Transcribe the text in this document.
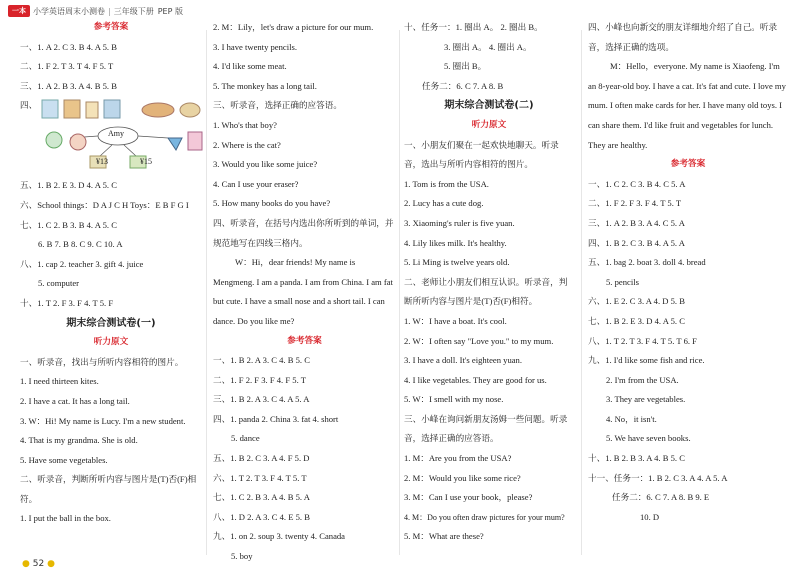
一本 小学英语周末小测卷 | 三年级下册 PEP 版
参考答案
一、1. A 2. C 3. B 4. A 5. B
二、1. F 2. T 3. T 4. F 5. T
三、1. A 2. B 3. A 4. B 5. B
四、
Amy
¥13	¥15
五、1. B 2. E 3. D 4. A 5. C
六、School things：D A J C H Toys：E B F G I
七、1. C 2. B 3. B 4. A 5. C
6. B 7. B 8. C 9. C 10. A
八、1. cap 2. teacher 3. gift 4. juice
5. computer
十、1. T 2. F 3. F 4. T 5. F
期末综合测试卷(一)
听力原文
一、听录音，找出与所听内容相符的图片。
1. I need thirteen kites.
2. I have a cat. It has a long tail.
3. W：Hi! My name is Lucy. I'm a new student.
4. That is my grandma. She is old.
5. Have some vegetables.
二、听录音，判断所听内容与图片是(T)否(F)相符。
1. I put the ball in the box.
2. M：Lily，let's draw a picture for our mum.
3. I have twenty pencils.
4. I'd like some meat.
5. The monkey has a long tail.
三、听录音，选择正确的应答语。
1. Who's that boy?
2. Where is the cat?
3. Would you like some juice?
4. Can I use your eraser?
5. How many books do you have?
四、听录音，在括号内选出你所听到的单词，并规范地写在四线三格内。
W：Hi，dear friends! My name is Mengmeng. I am a panda. I am from China. I am fat but cute. I have a small nose and a short tail. I can dance. Do you like me?
参考答案
一、1. B 2. A 3. C 4. B 5. C
二、1. F 2. F 3. F 4. F 5. T
三、1. B 2. A 3. C 4. A 5. A
四、1. panda 2. China 3. fat 4. short
5. dance
五、1. B 2. C 3. A 4. F 5. D
六、1. T 2. T 3. F 4. T 5. T
七、1. C 2. B 3. A 4. B 5. A
八、1. D 2. A 3. C 4. E 5. B
九、1. on 2. soup 3. twenty 4. Canada
5. boy
十、任务一：1. 圈出 A。 2. 圈出 B。
3. 圈出 A。 4. 圈出 A。
5. 圈出 B。
任务二：6. C 7. A 8. B
期末综合测试卷(二)
听力原文
一、小朋友们聚在一起欢快地聊天。听录音，选出与所听内容相符的图片。
1. Tom is from the USA.
2. Lucy has a cute dog.
3. Xiaoming's ruler is five yuan.
4. Lily likes milk. It's healthy.
5. Li Ming is twelve years old.
二、老师让小朋友们相互认识。听录音，判断所听内容与图片是(T)否(F)相符。
1. W：I have a boat. It's cool.
2. W：I often say "Love you." to my mum.
3. I have a doll. It's eighteen yuan.
4. I like vegetables. They are good for us.
5. W：I smell with my nose.
三、小峰在询问新朋友汤姆一些问题。听录音，选择正确的应答语。
1. M：Are you from the USA?
2. M：Would you like some rice?
3. M：Can I use your book，please?
4. M：Do you often draw pictures for your mum?
5. M：What are these?
四、小峰也向新交的朋友详细地介绍了自己。听录音，选择正确的选项。
M：Hello，everyone. My name is Xiaofeng. I'm an 8-year-old boy. I have a cat. It's fat and cute. I love my mum. I often make cards for her. I have many old toys. I can share them. I'd like fruit and vegetables for lunch. They are healthy.
参考答案
一、1. C 2. C 3. B 4. C 5. A
二、1. F 2. F 3. F 4. T 5. T
三、1. A 2. B 3. A 4. C 5. A
四、1. B 2. C 3. B 4. A 5. A
五、1. bag 2. boat 3. doll 4. bread
5. pencils
六、1. E 2. C 3. A 4. D 5. B
七、1. B 2. E 3. D 4. A 5. C
八、1. T 2. T 3. F 4. T 5. T 6. F
九、1. I'd like some fish and rice.
2. I'm from the USA.
3. They are vegetables.
4. No，it isn't.
5. We have seven books.
十、1. B 2. B 3. A 4. B 5. C
十一、任务一：1. B 2. C 3. A 4. A 5. A
任务二：6. C 7. A 8. B 9. E
10. D
● 52 ●
